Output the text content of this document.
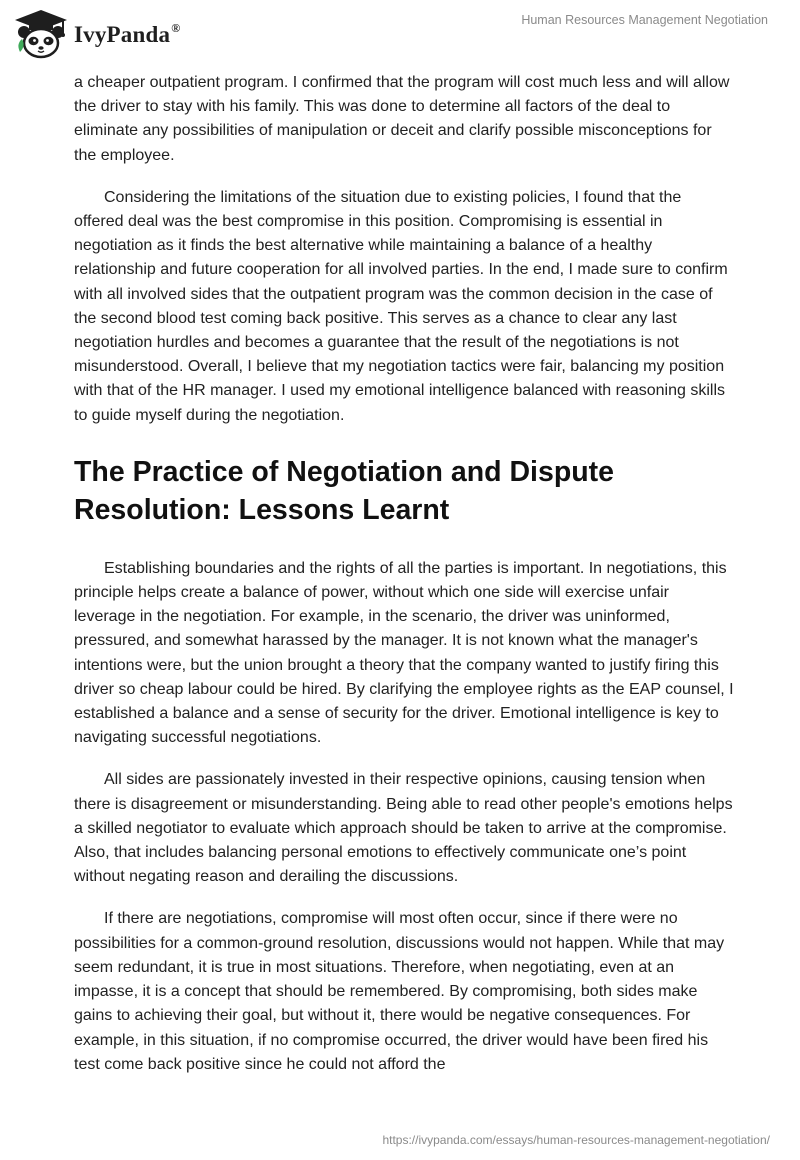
IvyPanda®
Human Resources Management Negotiation

a cheaper outpatient program. I confirmed that the program will cost much less and will allow the driver to stay with his family. This was done to determine all factors of the deal to eliminate any possibilities of manipulation or deceit and clarify possible misconceptions for the employee.

Considering the limitations of the situation due to existing policies, I found that the offered deal was the best compromise in this position. Compromising is essential in negotiation as it finds the best alternative while maintaining a balance of a healthy relationship and future cooperation for all involved parties. In the end, I made sure to confirm with all involved sides that the outpatient program was the common decision in the case of the second blood test coming back positive. This serves as a chance to clear any last negotiation hurdles and becomes a guarantee that the result of the negotiations is not misunderstood. Overall, I believe that my negotiation tactics were fair, balancing my position with that of the HR manager. I used my emotional intelligence balanced with reasoning skills to guide myself during the negotiation.

The Practice of Negotiation and Dispute Resolution: Lessons Learnt

Establishing boundaries and the rights of all the parties is important. In negotiations, this principle helps create a balance of power, without which one side will exercise unfair leverage in the negotiation. For example, in the scenario, the driver was uninformed, pressured, and somewhat harassed by the manager. It is not known what the manager's intentions were, but the union brought a theory that the company wanted to justify firing this driver so cheap labour could be hired. By clarifying the employee rights as the EAP counsel, I established a balance and a sense of security for the driver. Emotional intelligence is key to navigating successful negotiations.

All sides are passionately invested in their respective opinions, causing tension when there is disagreement or misunderstanding. Being able to read other people's emotions helps a skilled negotiator to evaluate which approach should be taken to arrive at the compromise. Also, that includes balancing personal emotions to effectively communicate one’s point without negating reason and derailing the discussions.

If there are negotiations, compromise will most often occur, since if there were no possibilities for a common-ground resolution, discussions would not happen. While that may seem redundant, it is true in most situations. Therefore, when negotiating, even at an impasse, it is a concept that should be remembered. By compromising, both sides make gains to achieving their goal, but without it, there would be negative consequences. For example, in this situation, if no compromise occurred, the driver would have been fired his test come back positive since he could not afford the

https://ivypanda.com/essays/human-resources-management-negotiation/
